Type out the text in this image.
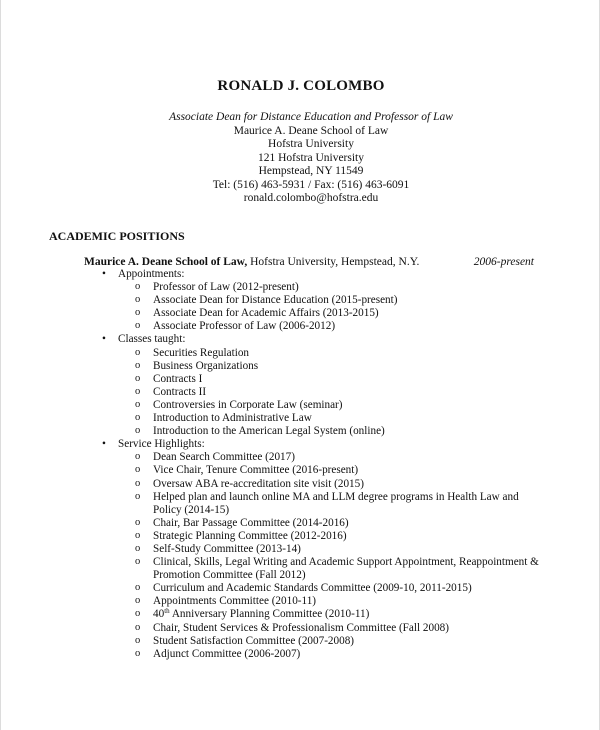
RONALD J. COLOMBO
Associate Dean for Distance Education and Professor of Law
Maurice A. Deane School of Law
Hofstra University
121 Hofstra University
Hempstead, NY 11549
Tel: (516) 463-5931 / Fax: (516) 463-6091
ronald.colombo@hofstra.edu
ACADEMIC POSITIONS
Maurice A. Deane School of Law, Hofstra University, Hempstead, N.Y.	2006-present
• Appointments:
o Professor of Law (2012-present)
o Associate Dean for Distance Education (2015-present)
o Associate Dean for Academic Affairs (2013-2015)
o Associate Professor of Law (2006-2012)
• Classes taught:
o Securities Regulation
o Business Organizations
o Contracts I
o Contracts II
o Controversies in Corporate Law (seminar)
o Introduction to Administrative Law
o Introduction to the American Legal System (online)
• Service Highlights:
o Dean Search Committee (2017)
o Vice Chair, Tenure Committee (2016-present)
o Oversaw ABA re-accreditation site visit (2015)
o Helped plan and launch online MA and LLM degree programs in Health Law and Policy (2014-15)
o Chair, Bar Passage Committee (2014-2016)
o Strategic Planning Committee (2012-2016)
o Self-Study Committee (2013-14)
o Clinical, Skills, Legal Writing and Academic Support Appointment, Reappointment & Promotion Committee (Fall 2012)
o Curriculum and Academic Standards Committee (2009-10, 2011-2015)
o Appointments Committee (2010-11)
o 40th Anniversary Planning Committee (2010-11)
o Chair, Student Services & Professionalism Committee (Fall 2008)
o Student Satisfaction Committee (2007-2008)
o Adjunct Committee (2006-2007)
